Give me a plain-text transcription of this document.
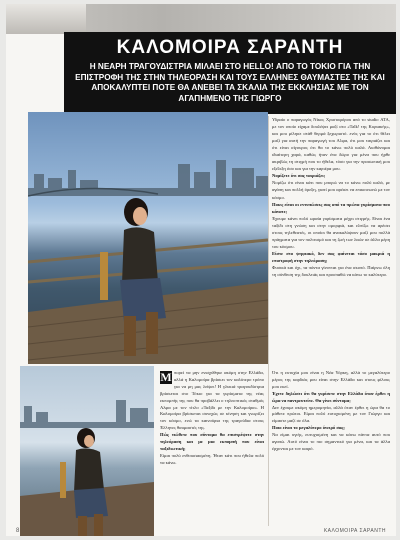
ΚΑΛΟΜΟΙΡΑ ΣΑΡΑΝΤΗ
Η ΝΕΑΡΗ ΤΡΑΓΟΥΔΙΣΤΡΙΑ ΜΙΛΑΕΙ ΣΤΟ HELLO! ΑΠΟ ΤΟ ΤΟΚΙΟ ΓΙΑ ΤΗΝ ΕΠΙΣΤΡΟΦΗ ΤΗΣ ΣΤΗΝ ΤΗΛΕΟΡΑΣΗ ΚΑΙ ΤΟΥΣ ΕΛΛΗΝΕΣ ΘΑΥΜΑΣΤΕΣ ΤΗΣ ΚΑΙ ΑΠΟΚΑΛΥΠΤΕΙ ΠΟΤΕ ΘΑ ΑΝΕΒΕΙ ΤΑ ΣΚΑΛΙΑ ΤΗΣ ΕΚΚΛΗΣΙΑΣ ΜΕ ΤΟΝ ΑΓΑΠΗΜΕΝΟ ΤΗΣ ΓΙΩΡΓΟ
Υδραίο ο παραγωγός Νίκος Χριστοφόρου από το studio ΑΤΑ, με τον οποίο είχαμε δουλέψει μαζί στο «Talk! της Κυριακής», και μου μίλησε στάθ θερμά ξεχωριστό. ενός για το ότι θέλει μαζί για αυτή την παραγωγή του Αλφα, ότι μου ταιριάζει και ότι είναι σίγουρος ότι θα το κάνω πολύ καλά. Αισθάνομαι ιδιαίτερη χαρά, καθώς ήταν ένα δώρο για μένα που ήρθε ακριβώς τη στιγμή που το ήθελα, τόσο για την προσωπική μου εξέλιξη όσο και για την καριέρα μου.
Νομίζετε ότι σας ταιριάζει;
Νομίζω ότι είναι κάτι που μπορώ να το κάνω πολύ καλά, με αγάπη και πολλή όρεξη, γιατί μου αρέσει να επικοινωνώ με τον κόσμο.
Ποιες είναι οι εντυπώσεις σας από τα πρώτα γυρίσματα που κάνατε;
Έχουμε κάνει πολύ ωραία γυρίσματα μέχρι στιγμής. Είναι ένα ταξίδι στη γνώση και στην ομορφιά, και ελπίζω να αρέσει στους τηλεθεατές, οι οποίοι θα ανακαλύψουν μαζί μου πολλά πράγματα για τον πολιτισμό και τη ζωή των λαών σε άλλα μέρη του κόσμου.
Είστε στο ψηφιακό, δεν σας φαίνεται τόσο μακριά η επιστροφή στην τηλεόραση;
Φυσικά και όχι, τα πάντα γίνονται για ένα σκοπό. Παίρνω όλη τη σύνθεση της δουλειάς και προσπαθώ να κάνω το καλύτερο.
Μ πορεί να μην ενισχύθηκε ακόμη στην Ελλάδα, αλλά η Καλομοίρα βρίσκει τον καλύτερο τρόπο για να μη μας λείψει! Η γλυκιά τραγουδίστρια βρίσκεται στο Τόκιο για τα γυρίσματα της νέας εκπομπής της που θα προβάλλει ο τηλεοπτικός σταθμός Αλφα με τον τίτλο «Ταξίδι με την Καλομοίρα». Η Καλομοίρα βρίσκεται συνεχώς σε κίνηση και γνωρίζει τον κόσμο, ενώ τα καινούρια της τραγούδια στους Έλληνες θαυμαστές της.
Πώς νιώθετε που σύντομα θα επιστρέψετε στην τηλεόραση και με μια εκπομπή που είναι ταξιδιωτική;
Είμαι πολύ ενθουσιασμένη. Ήταν κάτι που ήθελα πολύ να κάνω.
Ότι η ευτυχία μου είναι η Νέα Υόρκη, αλλά το μεγαλύτερο μέρος της καρδιάς μου είναι στην Ελλάδα και στους φίλους μου εκεί.
Έχετε δηλώσει ότι θα γυρίσετε στην Ελλάδα όταν έρθει η ώρα να παντρευτείτε. Θα γίνει σύντομα;
Δεν έχουμε ακόμη ημερομηνία, αλλά όταν έρθει η ώρα θα το μάθετε πρώτοι. Είμαι πολύ ευτυχισμένη με τον Γιώργο και είμαστε μαζί σε όλα.
Ποιο είναι το μεγαλύτερο όνειρό σας;
Να είμαι υγιής, ευτυχισμένη και να κάνω πάντα αυτό που αγαπώ. Αυτό είναι το πιο σημαντικό για μένα, και τα άλλα έρχονται με τον καιρό.
8	ΚΑΛΟΜΟΙΡΑ ΣΑΡΑΝΤΗ
